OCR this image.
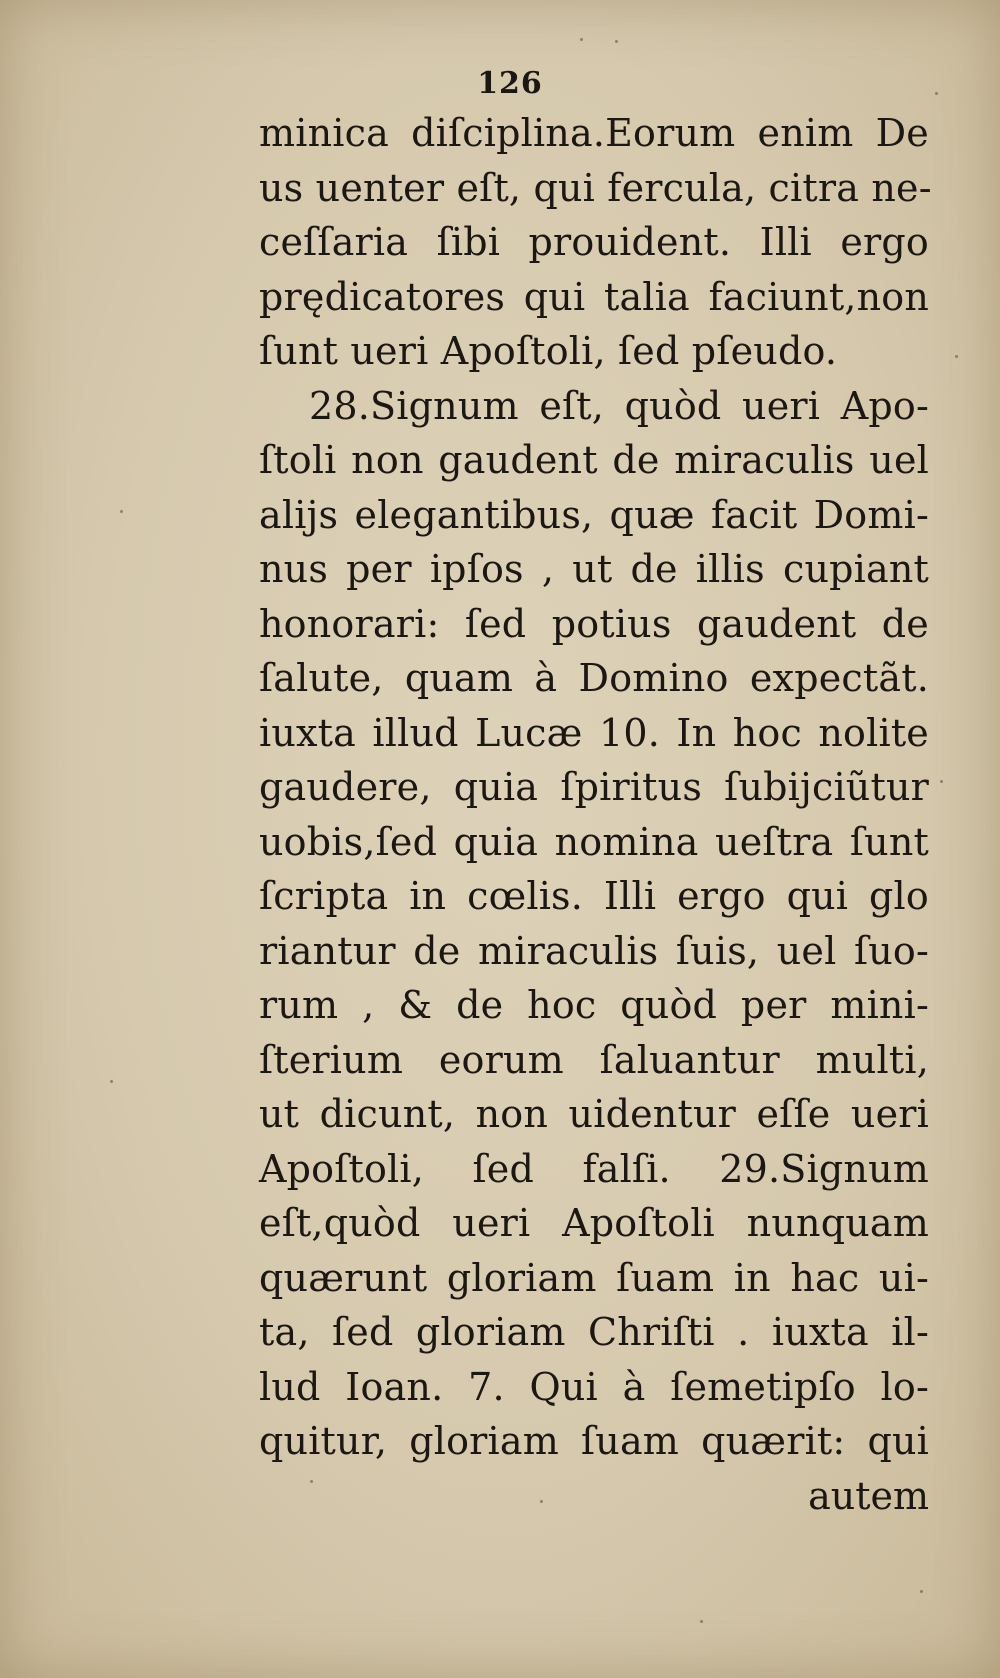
126
minica diſciplina.Eorum enim De
us uenter eſt, qui fercula, citra ne-
ceſſaria ſibi prouident. Illi ergo
prędicatores qui talia faciunt,non
ſunt ueri Apoſtoli, ſed pſeudo.
28.Signum eſt, quòd ueri Apo-
ſtoli non gaudent de miraculis uel
alijs elegantibus, quæ facit Domi-
nus per ipſos , ut de illis cupiant
honorari: ſed potius gaudent de
ſalute, quam à Domino expectãt.
iuxta illud Lucæ 10. In hoc nolite
gaudere, quia ſpiritus ſubijciũtur
uobis,ſed quia nomina ueſtra ſunt
ſcripta in cœlis. Illi ergo qui glo
riantur de miraculis ſuis, uel ſuo-
rum , & de hoc quòd per mini-
ſterium eorum ſaluantur multi,
ut dicunt, non uidentur eſſe ueri
Apoſtoli, ſed falſi. 29.Signum
eſt,quòd ueri Apoſtoli nunquam
quærunt gloriam ſuam in hac ui-
ta, ſed gloriam Chriſti . iuxta il-
lud Ioan. 7. Qui à ſemetipſo lo-
quitur, gloriam ſuam quærit: qui
autem
